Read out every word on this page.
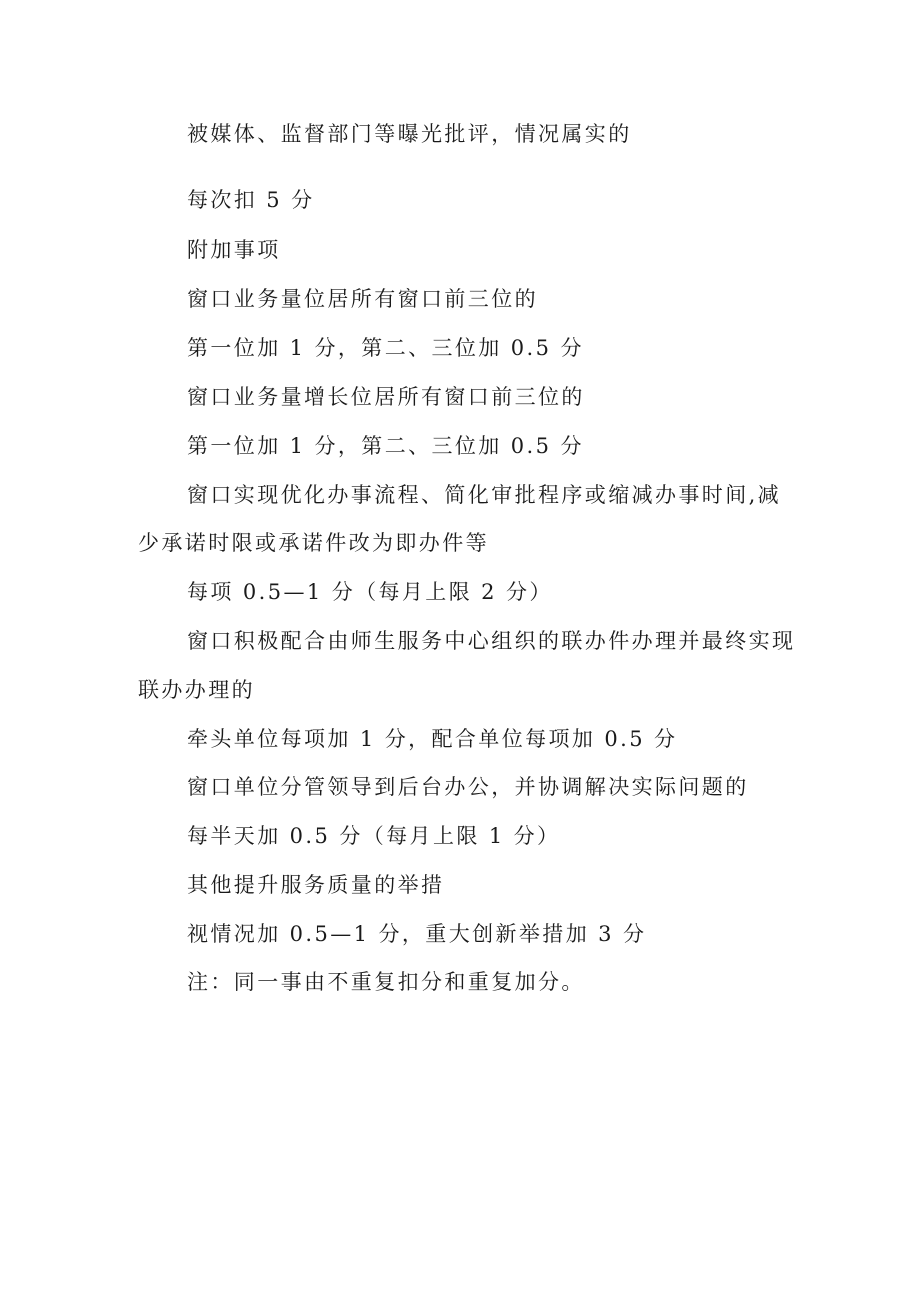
被媒体、监督部门等曝光批评，情况属实的
每次扣 5 分
附加事项
窗口业务量位居所有窗口前三位的
第一位加 1 分，第二、三位加 0.5 分
窗口业务量增长位居所有窗口前三位的
第一位加 1 分，第二、三位加 0.5 分
窗口实现优化办事流程、简化审批程序或缩减办事时间,减
少承诺时限或承诺件改为即办件等
每项 0.5—1 分（每月上限 2 分）
窗口积极配合由师生服务中心组织的联办件办理并最终实现
联办办理的
牵头单位每项加 1 分，配合单位每项加 0.5 分
窗口单位分管领导到后台办公，并协调解决实际问题的
每半天加 0.5 分（每月上限 1 分）
其他提升服务质量的举措
视情况加 0.5—1 分，重大创新举措加 3 分
注：同一事由不重复扣分和重复加分。
